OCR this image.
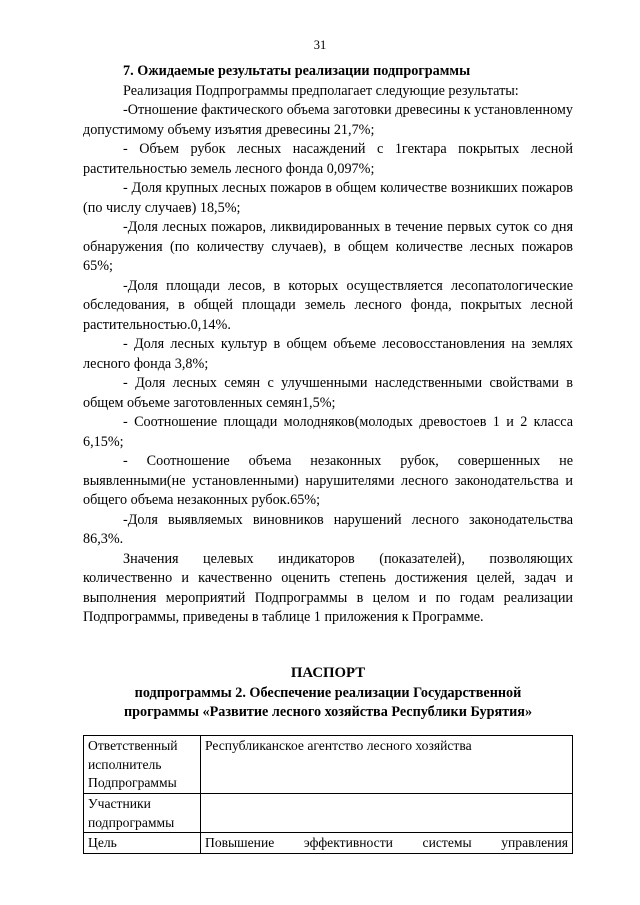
31

7. Ожидаемые результаты реализации подпрограммы

Реализация Подпрограммы предполагает следующие результаты:

-Отношение фактического объема заготовки древесины к установленному допустимому объему изъятия древесины 21,7%;

- Объем рубок лесных насаждений с 1гектара покрытых лесной растительностью земель лесного фонда 0,097%;

- Доля крупных лесных пожаров в общем количестве возникших пожаров (по числу случаев) 18,5%;

-Доля лесных пожаров, ликвидированных в течение первых суток со дня обнаружения (по количеству случаев), в общем количестве лесных пожаров 65%;

-Доля площади лесов, в которых осуществляется лесопатологические обследования, в общей площади земель лесного фонда, покрытых лесной растительностью.0,14%.

- Доля лесных культур в общем объеме лесовосстановления на землях лесного фонда 3,8%;

- Доля лесных семян с улучшенными наследственными свойствами в общем объеме заготовленных семян1,5%;

- Соотношение площади молодняков(молодых древостоев 1 и 2 класса 6,15%;

- Соотношение объема незаконных рубок, совершенных не выявленными(не установленными) нарушителями лесного законодательства и общего объема незаконных рубок.65%;

-Доля выявляемых виновников нарушений лесного законодательства 86,3%.

Значения целевых индикаторов (показателей), позволяющих количественно и качественно оценить степень достижения целей, задач и выполнения мероприятий Подпрограммы в целом и по годам реализации Подпрограммы, приведены в таблице 1 приложения к Программе.

ПАСПОРТ
подпрограммы 2. Обеспечение реализации Государственной
программы «Развитие лесного хозяйства Республики Бурятия»
Ответственный исполнитель Подпрограммы	Республиканское агентство лесного хозяйства
Участники подпрограммы	
Цель	Повышение эффективности системы управления
